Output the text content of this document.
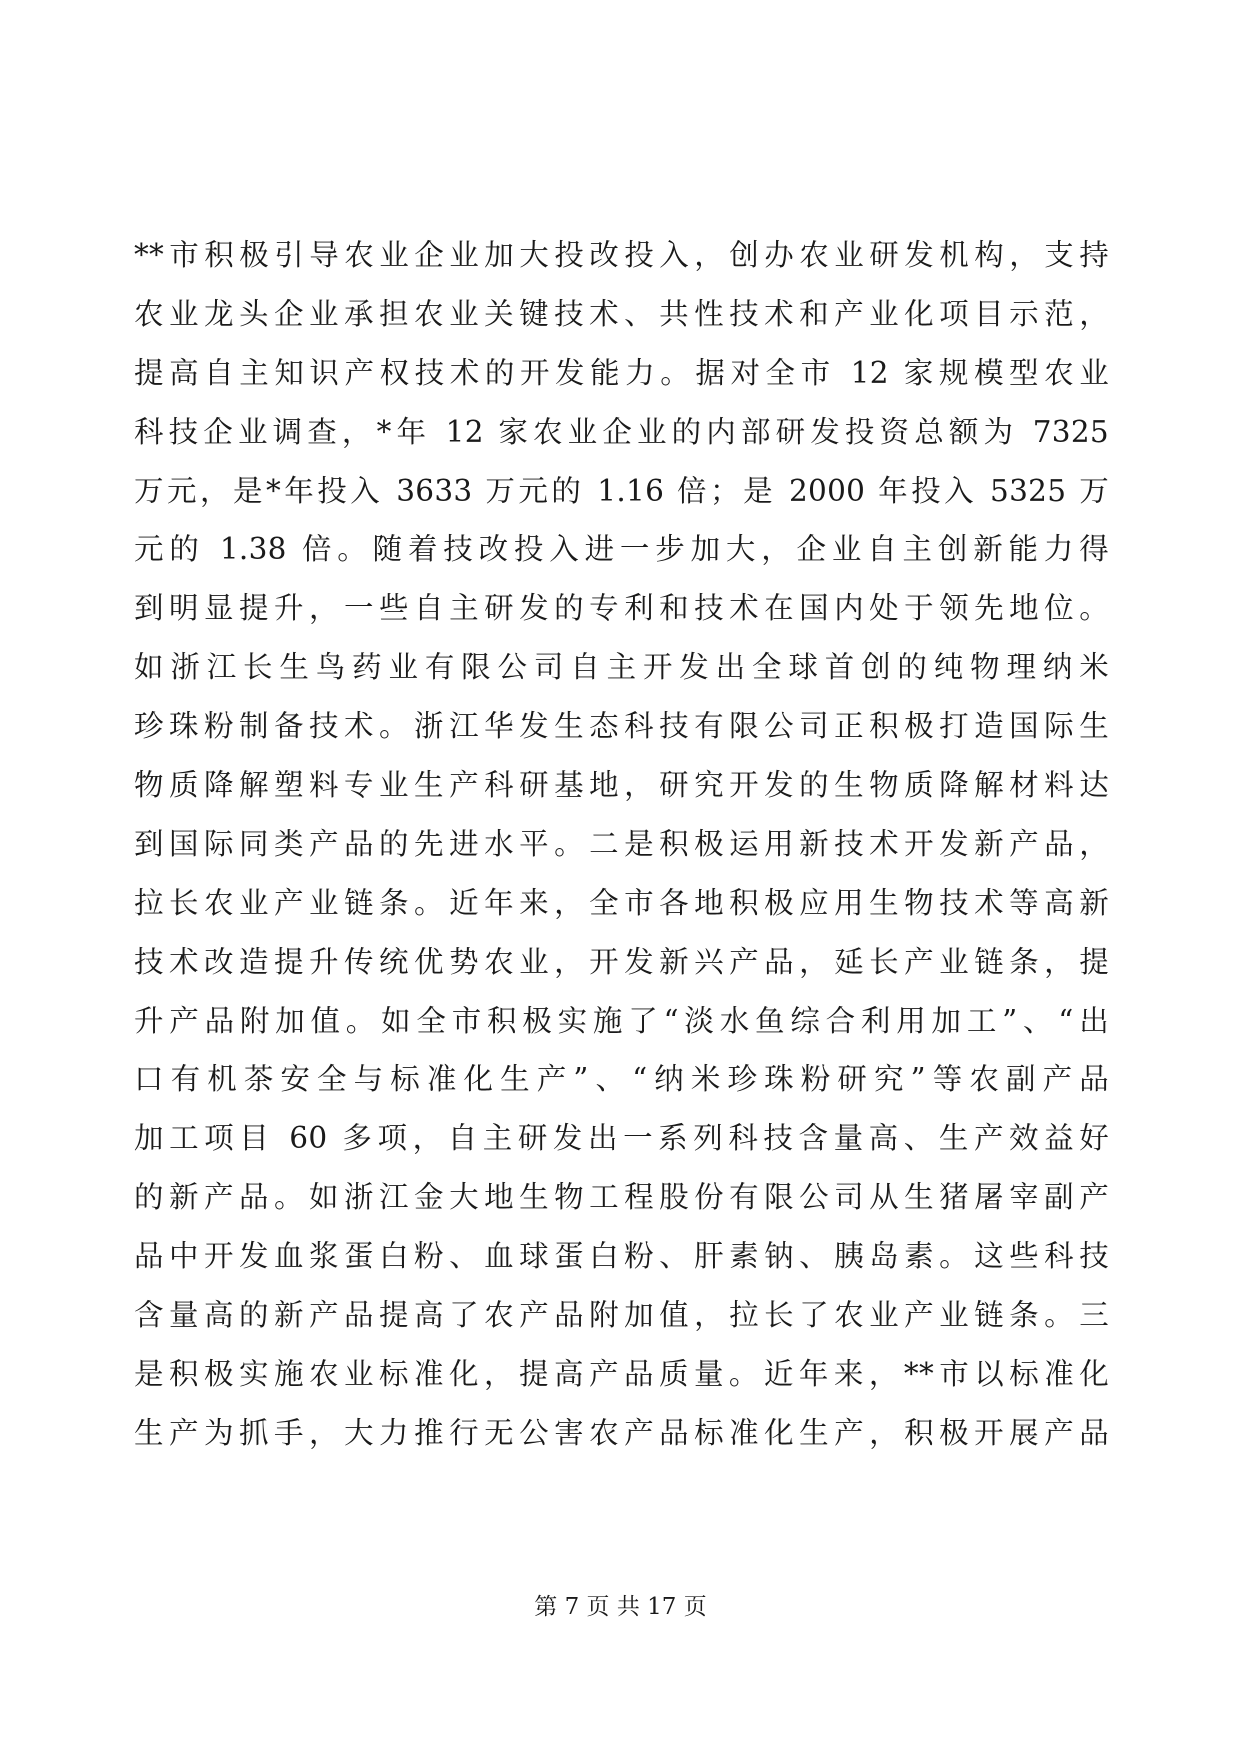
**市积极引导农业企业加大投改投入，创办农业研发机构，支持
农业龙头企业承担农业关键技术、共性技术和产业化项目示范，
提高自主知识产权技术的开发能力。据对全市 12 家规模型农业
科技企业调查，*年 12 家农业企业的内部研发投资总额为 7325
万元，是*年投入 3633 万元的 1.16 倍；是 2000 年投入 5325 万
元的 1.38 倍。随着技改投入进一步加大，企业自主创新能力得
到明显提升，一些自主研发的专利和技术在国内处于领先地位。
如浙江长生鸟药业有限公司自主开发出全球首创的纯物理纳米
珍珠粉制备技术。浙江华发生态科技有限公司正积极打造国际生
物质降解塑料专业生产科研基地，研究开发的生物质降解材料达
到国际同类产品的先进水平。二是积极运用新技术开发新产品，
拉长农业产业链条。近年来，全市各地积极应用生物技术等高新
技术改造提升传统优势农业，开发新兴产品，延长产业链条，提
升产品附加值。如全市积极实施了“淡水鱼综合利用加工”、“出
口有机茶安全与标准化生产”、“纳米珍珠粉研究”等农副产品
加工项目 60 多项，自主研发出一系列科技含量高、生产效益好
的新产品。如浙江金大地生物工程股份有限公司从生猪屠宰副产
品中开发血浆蛋白粉、血球蛋白粉、肝素钠、胰岛素。这些科技
含量高的新产品提高了农产品附加值，拉长了农业产业链条。三
是积极实施农业标准化，提高产品质量。近年来，**市以标准化
生产为抓手，大力推行无公害农产品标准化生产，积极开展产品
第 7 页 共 17 页
